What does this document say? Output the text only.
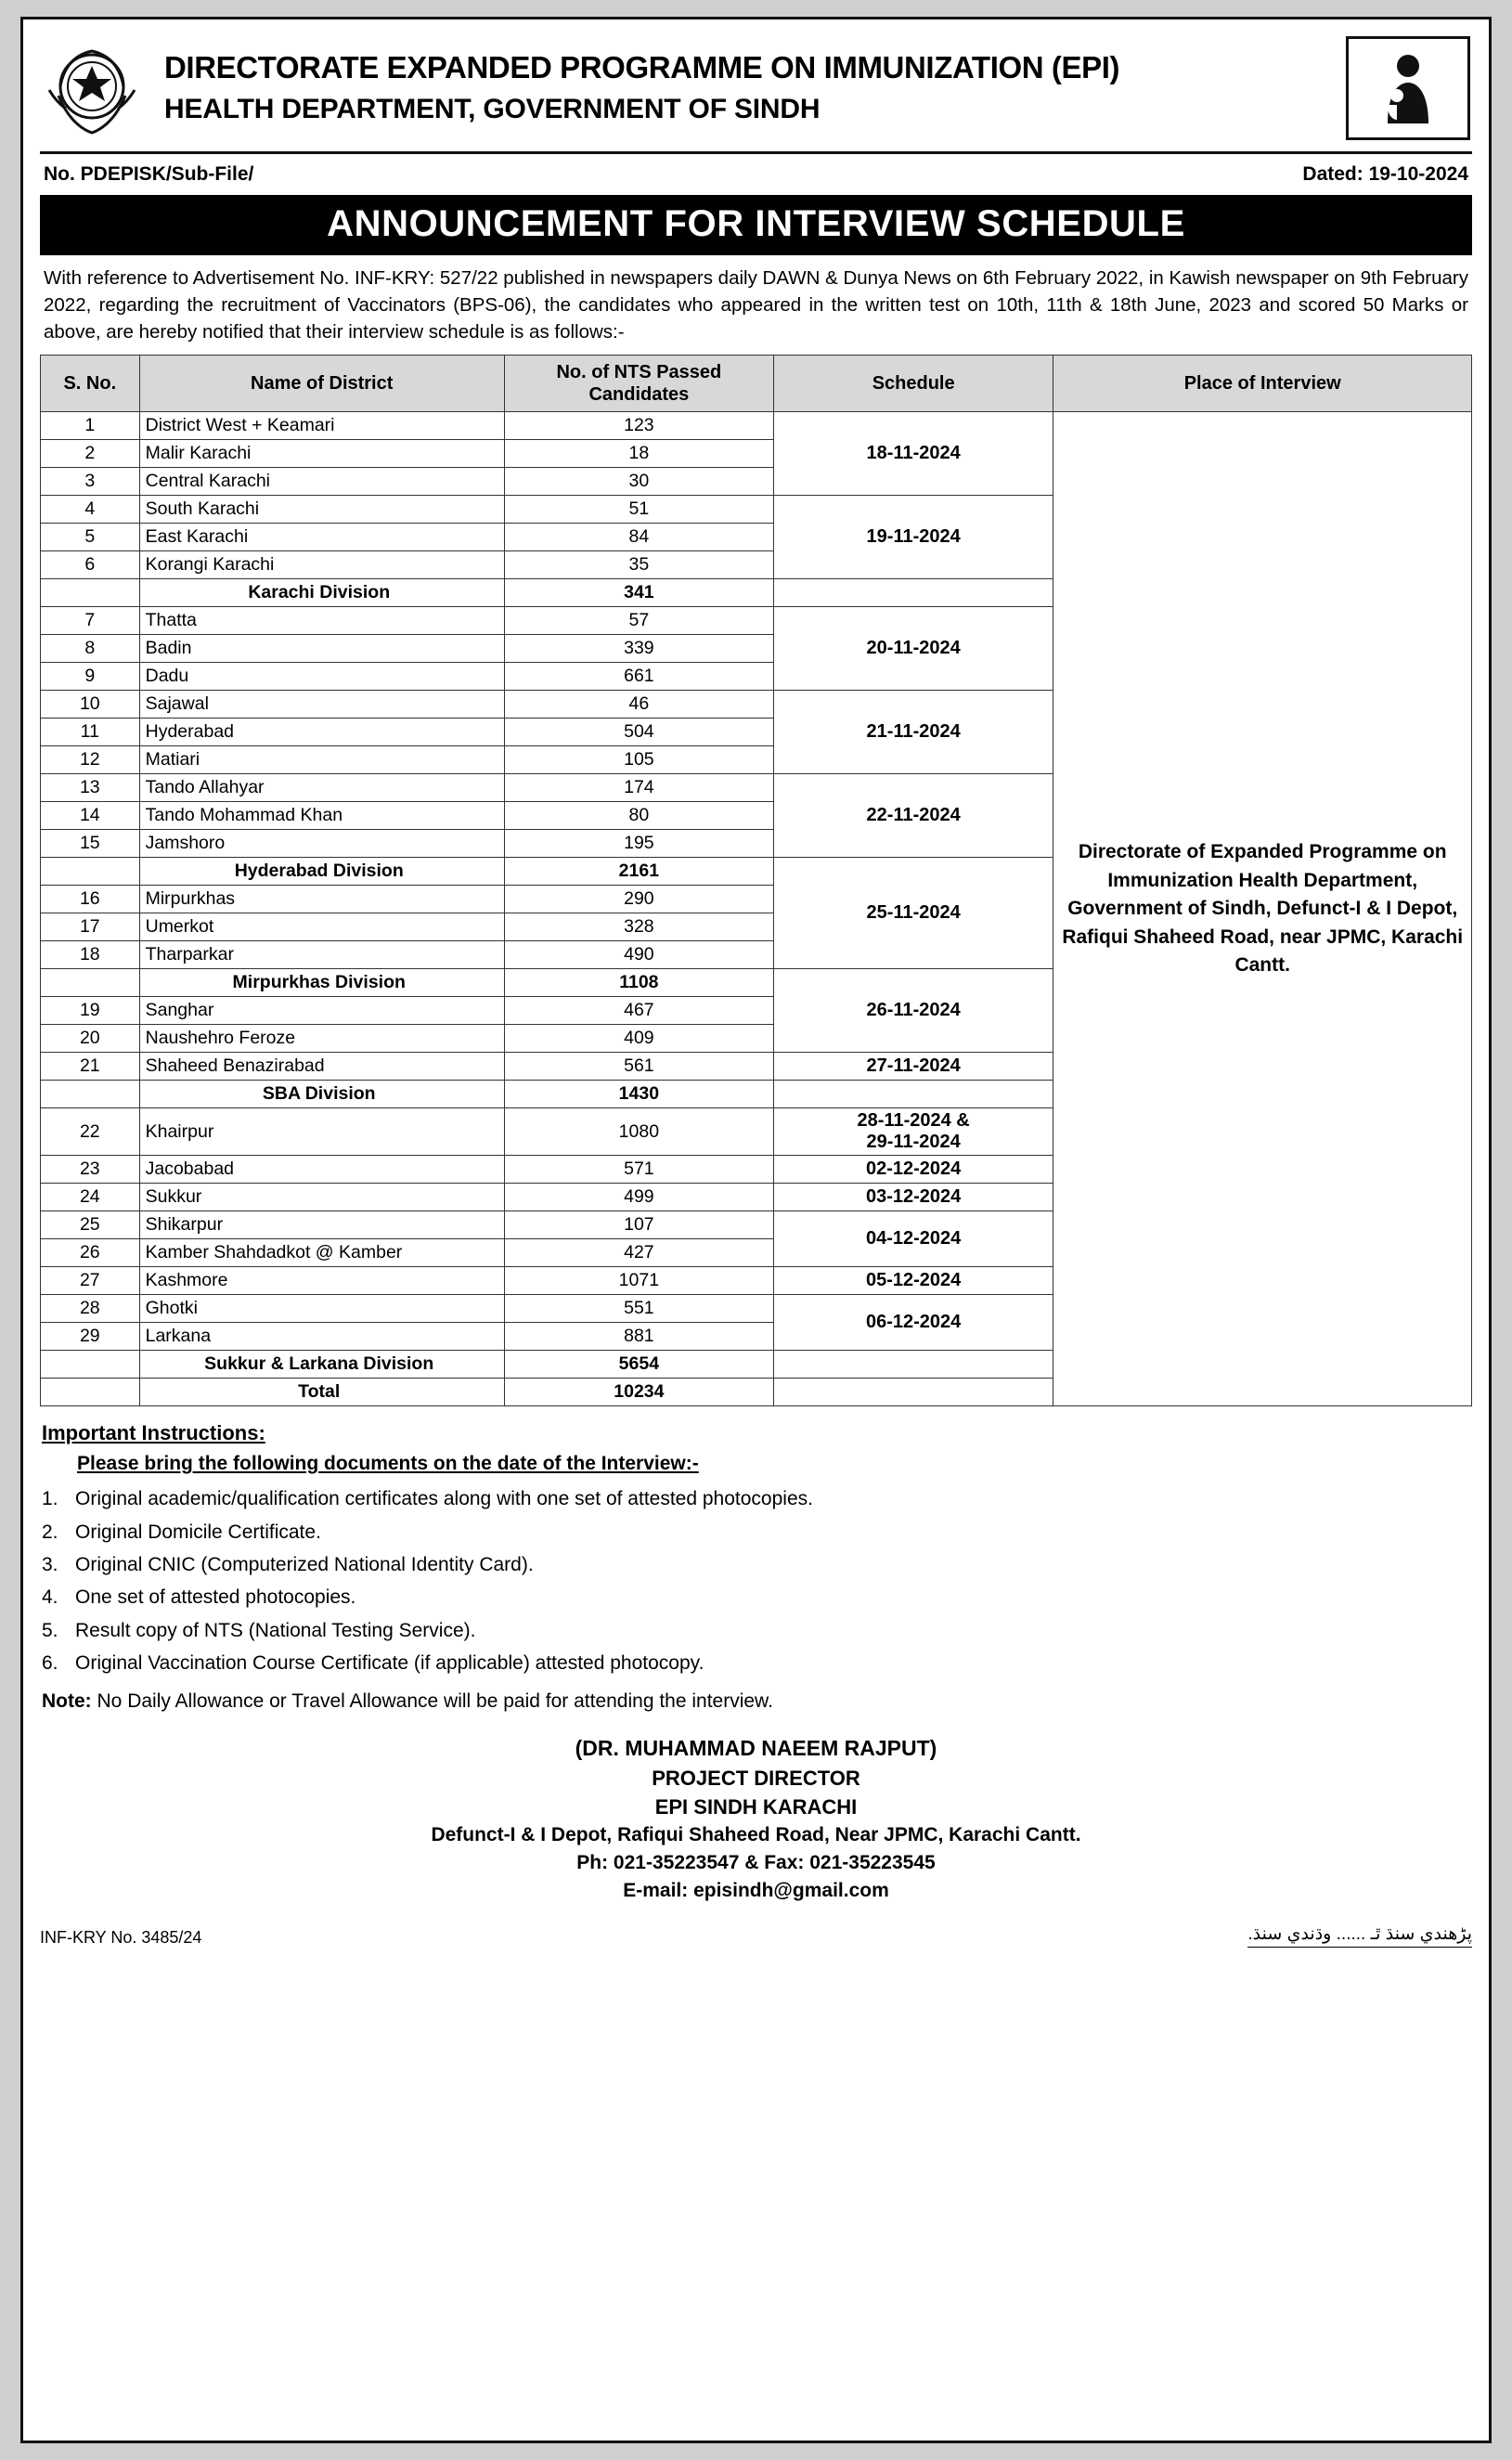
DIRECTORATE EXPANDED PROGRAMME ON IMMUNIZATION (EPI)
HEALTH DEPARTMENT, GOVERNMENT OF SINDH
No. PDEPISK/Sub-File/	Dated: 19-10-2024
ANNOUNCEMENT FOR INTERVIEW SCHEDULE
With reference to Advertisement No. INF-KRY: 527/22 published in newspapers daily DAWN & Dunya News on 6th February 2022, in Kawish newspaper on 9th February 2022, regarding the recruitment of Vaccinators (BPS-06), the candidates who appeared in the written test on 10th, 11th & 18th June, 2023 and scored 50 Marks or above, are hereby notified that their interview schedule is as follows:-
S. No.	Name of District	No. of NTS Passed Candidates	Schedule	Place of Interview
1	District West + Keamari	123	18-11-2024	Directorate of Expanded Programme on Immunization Health Department, Government of Sindh, Defunct-I & I Depot, Rafiqui Shaheed Road, near JPMC, Karachi Cantt.
2	Malir Karachi	18		
3	Central Karachi	30		
4	South Karachi	51	19-11-2024	
5	East Karachi	84		
6	Korangi Karachi	35		
	Karachi Division	341		
7	Thatta	57	20-11-2024	
8	Badin	339		
9	Dadu	661		
10	Sajawal	46	21-11-2024	
11	Hyderabad	504		
12	Matiari	105		
13	Tando Allahyar	174	22-11-2024	
14	Tando Mohammad Khan	80		
15	Jamshoro	195		
	Hyderabad Division	2161	25-11-2024	
16	Mirpurkhas	290		
17	Umerkot	328		
18	Tharparkar	490		
	Mirpurkhas Division	1108	26-11-2024	
19	Sanghar	467		
20	Naushehro Feroze	409		
21	Shaheed Benazirabad	561	27-11-2024	
	SBA Division	1430		
22	Khairpur	1080	28-11-2024 &
29-11-2024	
23	Jacobabad	571	02-12-2024	
24	Sukkur	499	03-12-2024	
25	Shikarpur	107	04-12-2024	
26	Kamber Shahdadkot @ Kamber	427		
27	Kashmore	1071	05-12-2024	
28	Ghotki	551	06-12-2024	
29	Larkana	881		
	Sukkur & Larkana Division	5654		
	Total	10234		
Important Instructions:
Please bring the following documents on the date of the Interview:-
1. Original academic/qualification certificates along with one set of attested photocopies.
2. Original Domicile Certificate.
3. Original CNIC (Computerized National Identity Card).
4. One set of attested photocopies.
5. Result copy of NTS (National Testing Service).
6. Original Vaccination Course Certificate (if applicable) attested photocopy.
Note: No Daily Allowance or Travel Allowance will be paid for attending the interview.
(DR. MUHAMMAD NAEEM RAJPUT)
PROJECT DIRECTOR
EPI SINDH KARACHI
Defunct-I & I Depot, Rafiqui Shaheed Road, Near JPMC, Karachi Cantt.
Ph: 021-35223547 & Fax: 021-35223545
E-mail: episindh@gmail.com
INF-KRY No. 3485/24	پڑھندي سنڌ ٿـ ...... وڌندي سنڌ.
